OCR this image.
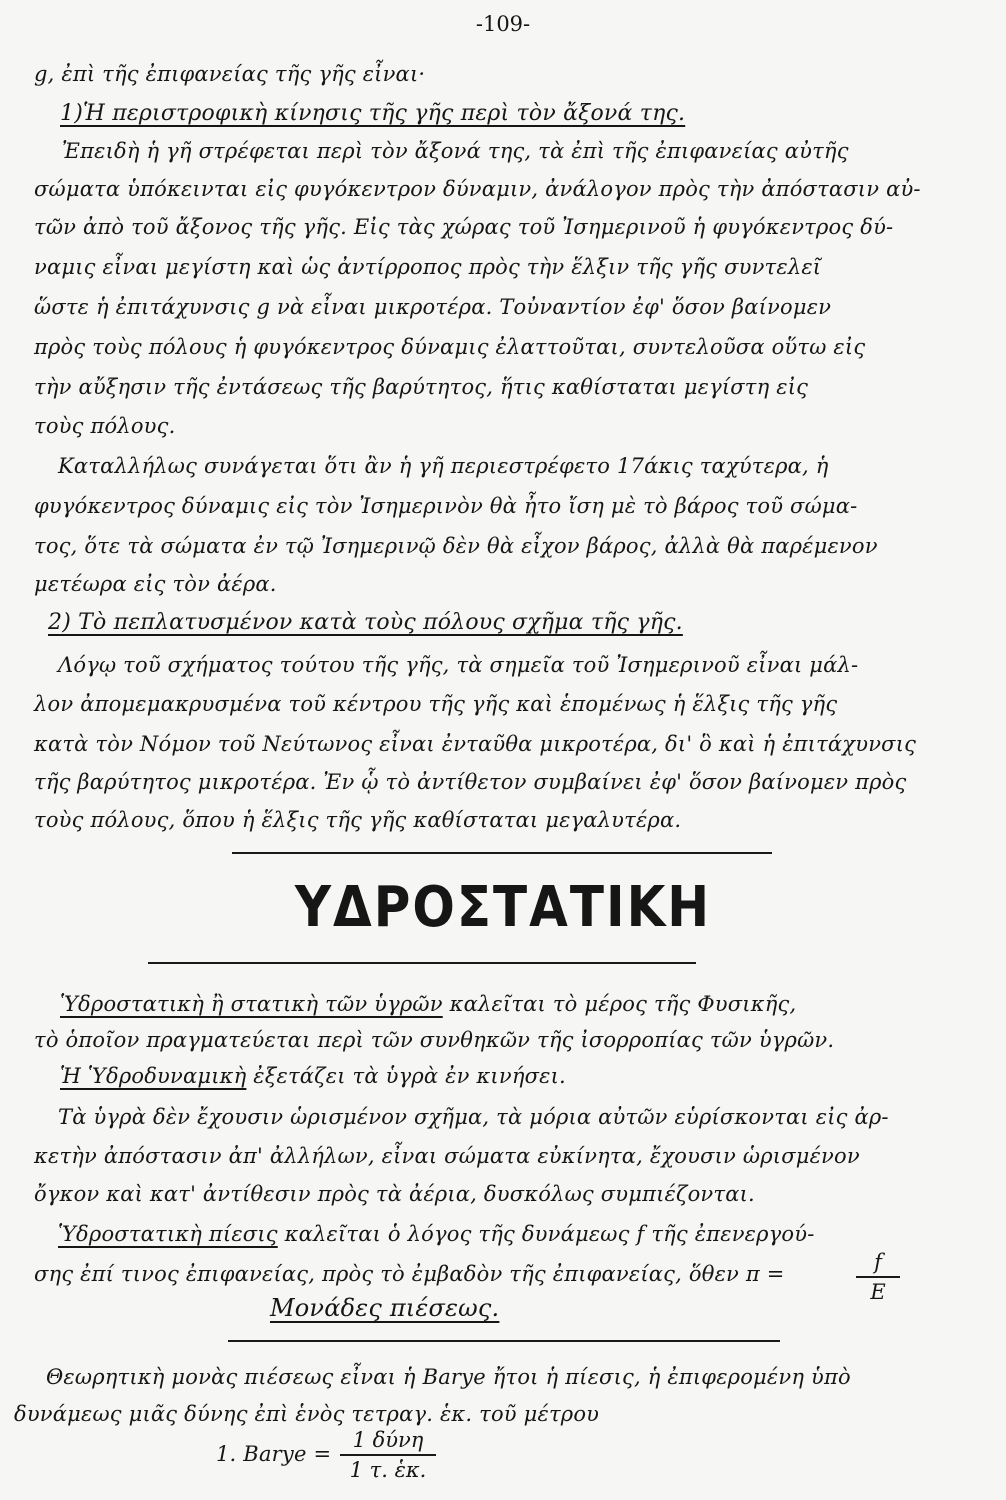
-109-
g, ἐπὶ τῆς ἐπιφανείας τῆς γῆς εἶναι·
1)Ἡ περιστροφικὴ κίνησις τῆς γῆς περὶ τὸν ἄξονά της.
Ἐπειδὴ ἡ γῆ στρέφεται περὶ τὸν ἄξονά της, τὰ ἐπὶ τῆς ἐπιφανείας αὐτῆς
σώματα ὑπόκεινται εἰς φυγόκεντρον δύναμιν, ἀνάλογον πρὸς τὴν ἀπόστασιν αὐ-
τῶν ἀπὸ τοῦ ἄξονος τῆς γῆς. Εἰς τὰς χώρας τοῦ Ἰσημερινοῦ ἡ φυγόκεντρος δύ-
ναμις εἶναι μεγίστη καὶ ὡς ἀντίρροπος πρὸς τὴν ἕλξιν τῆς γῆς συντελεῖ
ὥστε ἡ ἐπιτάχυνσις g νὰ εἶναι μικροτέρα. Τοὐναντίον ἐφ' ὅσον βαίνομεν
πρὸς τοὺς πόλους ἡ φυγόκεντρος δύναμις ἐλαττοῦται, συντελοῦσα οὕτω εἰς
τὴν αὔξησιν τῆς ἐντάσεως τῆς βαρύτητος, ἥτις καθίσταται μεγίστη εἰς
τοὺς πόλους.
Καταλλήλως συνάγεται ὅτι ἂν ἡ γῆ περιεστρέφετο 17άκις ταχύτερα, ἡ
φυγόκεντρος δύναμις εἰς τὸν Ἰσημερινὸν θὰ ἦτο ἴση μὲ τὸ βάρος τοῦ σώμα-
τος, ὅτε τὰ σώματα ἐν τῷ Ἰσημερινῷ δὲν θὰ εἶχον βάρος, ἀλλὰ θὰ παρέμενον
μετέωρα εἰς τὸν ἀέρα.
2) Τὸ πεπλατυσμένον κατὰ τοὺς πόλους σχῆμα τῆς γῆς.
Λόγῳ τοῦ σχήματος τούτου τῆς γῆς, τὰ σημεῖα τοῦ Ἰσημερινοῦ εἶναι μάλ-
λον ἀπομεμακρυσμένα τοῦ κέντρου τῆς γῆς καὶ ἑπομένως ἡ ἕλξις τῆς γῆς
κατὰ τὸν Νόμον τοῦ Νεύτωνος εἶναι ἐνταῦθα μικροτέρα, δι' ὃ καὶ ἡ ἐπιτάχυνσις
τῆς βαρύτητος μικροτέρα. Ἐν ᾧ τὸ ἀντίθετον συμβαίνει ἐφ' ὅσον βαίνομεν πρὸς
τοὺς πόλους, ὅπου ἡ ἕλξις τῆς γῆς καθίσταται μεγαλυτέρα.
ΥΔΡΟΣΤΑΤΙΚΗ
Ὑδροστατικὴ ἢ στατικὴ τῶν ὑγρῶν καλεῖται τὸ μέρος τῆς Φυσικῆς,
τὸ ὁποῖον πραγματεύεται περὶ τῶν συνθηκῶν τῆς ἰσορροπίας τῶν ὑγρῶν.
Ἡ Ὑδροδυναμικὴ ἐξετάζει τὰ ὑγρὰ ἐν κινήσει.
Τὰ ὑγρὰ δὲν ἔχουσιν ὡρισμένον σχῆμα, τὰ μόρια αὐτῶν εὑρίσκονται εἰς ἀρ-
κετὴν ἀπόστασιν ἀπ' ἀλλήλων, εἶναι σώματα εὐκίνητα, ἔχουσιν ὡρισμένον
ὄγκον καὶ κατ' ἀντίθεσιν πρὸς τὰ ἀέρια, δυσκόλως συμπιέζονται.
Ὑδροστατικὴ πίεσις καλεῖται ὁ λόγος τῆς δυνάμεως f τῆς ἐπενεργού-
σης ἐπί τινος ἐπιφανείας, πρὸς τὸ ἐμβαδὸν τῆς ἐπιφανείας, ὅθεν π =	f
E
Μονάδες πιέσεως.
Θεωρητικὴ μονὰς πιέσεως εἶναι ἡ Barye ἤτοι ἡ πίεσις, ἡ ἐπιφερομένη ὑπὸ
δυνάμεως μιᾶς δύνης ἐπὶ ἑνὸς τετραγ. ἑκ. τοῦ μέτρου
1. Barye =
1 δύνη
1 τ. ἑκ.
